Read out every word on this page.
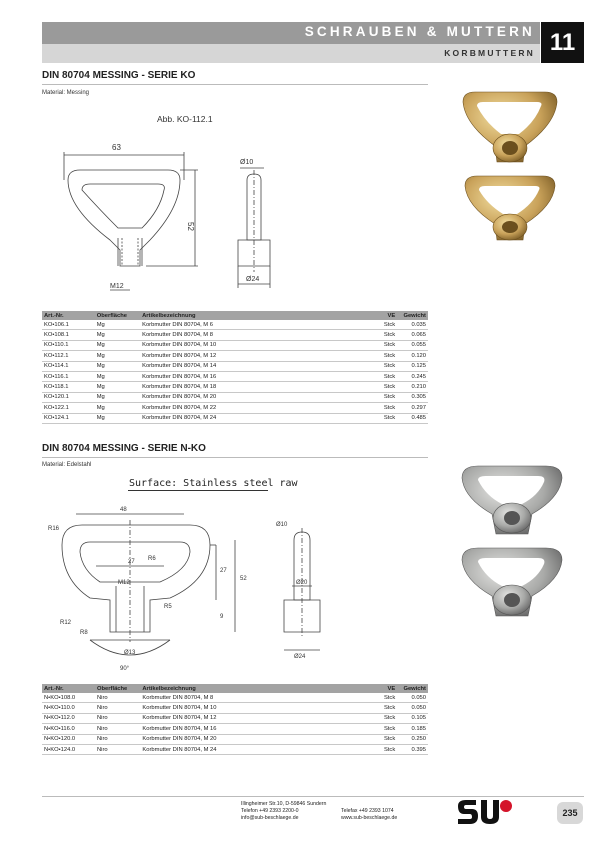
SCHRAUBEN & MUTTERN
KORBMUTTERN 11
DIN 80704 MESSING - SERIE KO
Material: Messing
Abb. KO-112.1
63
52
M12
Ø10
Ø24
Art.-Nr.	Oberfläche	Artikelbezeichnung	VE	Gewicht
KO•106.1	Mg	Korbmutter DIN 80704, M 6	Stck	0.035
KO•108.1	Mg	Korbmutter DIN 80704, M 8	Stck	0.065
KO•110.1	Mg	Korbmutter DIN 80704, M 10	Stck	0.055
KO•112.1	Mg	Korbmutter DIN 80704, M 12	Stck	0.120
KO•114.1	Mg	Korbmutter DIN 80704, M 14	Stck	0.125
KO•116.1	Mg	Korbmutter DIN 80704, M 16	Stck	0.245
KO•118.1	Mg	Korbmutter DIN 80704, M 18	Stck	0.210
KO•120.1	Mg	Korbmutter DIN 80704, M 20	Stck	0.305
KO•122.1	Mg	Korbmutter DIN 80704, M 22	Stck	0.297
KO•124.1	Mg	Korbmutter DIN 80704, M 24	Stck	0.485
DIN 80704 MESSING - SERIE N-KO
Material: Edelstahl
Surface: Stainless steel raw
48
27
M12
R16
R6
R5
R12
R8
Ø13
90°
27
52
9
Ø10
Ø20
Ø24
Art.-Nr.	Oberfläche	Artikelbezeichnung	VE	Gewicht
N•KO•108.0	Niro	Korbmutter DIN 80704, M 8	Stck	0.050
N•KO•110.0	Niro	Korbmutter DIN 80704, M 10	Stck	0.050
N•KO•112.0	Niro	Korbmutter DIN 80704, M 12	Stck	0.105
N•KO•116.0	Niro	Korbmutter DIN 80704, M 16	Stck	0.185
N•KO•120.0	Niro	Korbmutter DIN 80704, M 20	Stck	0.250
N•KO•124.0	Niro	Korbmutter DIN 80704, M 24	Stck	0.395
Illingheimer Str.10, D-59846 Sundern
Telefon +49 2393 2200-0	Telefax +49 2393 1074
info@sub-beschlaege.de	www.sub-beschlaege.de	235
